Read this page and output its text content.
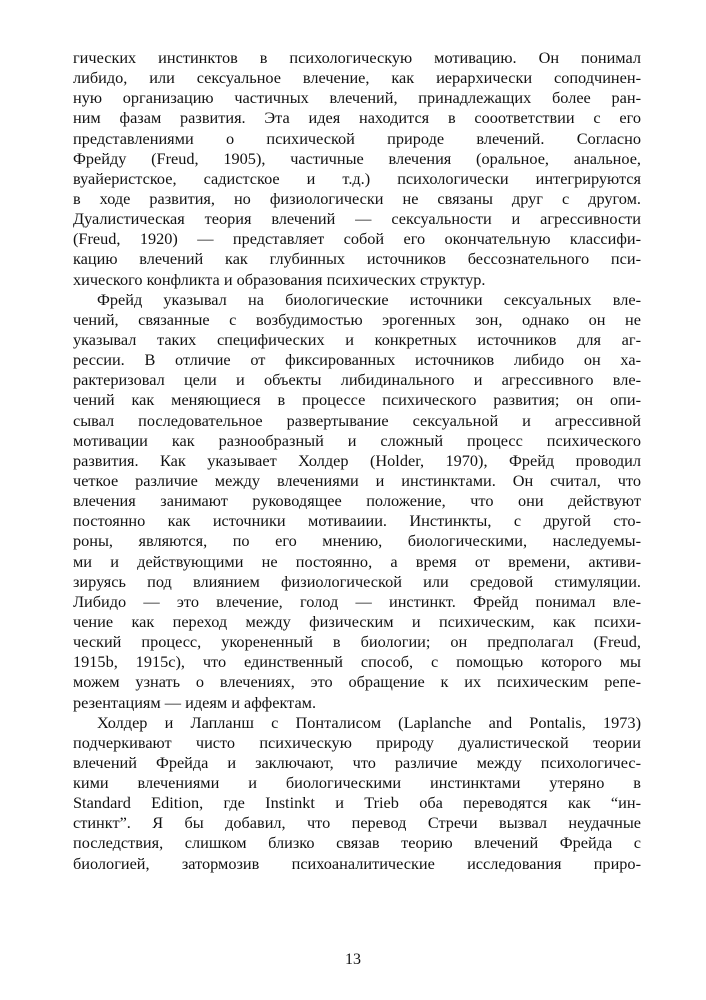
гических инстинктов в психологическую мотивацию. Он понимал
либидо, или сексуальное влечение, как иерархически соподчинен-
ную организацию частичных влечений, принадлежащих более ран-
ним фазам развития. Эта идея находится в сооответствии с его
представлениями о психической природе влечений. Согласно
Фрейду (Freud, 1905), частичные влечения (оральное, анальное,
вуайеристское, садистское и т.д.) психологически интегрируются
в ходе развития, но физиологически не связаны друг с другом.
Дуалистическая теория влечений — сексуальности и агрессивности
(Freud, 1920) — представляет собой его окончательную классифи-
кацию влечений как глубинных источников бессознательного пси-
хического конфликта и образования психических структур.
Фрейд указывал на биологические источники сексуальных вле-
чений, связанные с возбудимостью эрогенных зон, однако он не
указывал таких специфических и конкретных источников для аг-
рессии. В отличие от фиксированных источников либидо он ха-
рактеризовал цели и объекты либидинального и агрессивного вле-
чений как меняющиеся в процессе психического развития; он опи-
сывал последовательное развертывание сексуальной и агрессивной
мотивации как разнообразный и сложный процесс психического
развития. Как указывает Холдер (Holder, 1970), Фрейд проводил
четкое различие между влечениями и инстинктами. Он считал, что
влечения занимают руководящее положение, что они действуют
постоянно как источники мотиваиии. Инстинкты, с другой сто-
роны, являются, по его мнению, биологическими, наследуемы-
ми и действующими не постоянно, а время от времени, активи-
зируясь под влиянием физиологической или средовой стимуляции.
Либидо — это влечение, голод — инстинкт. Фрейд понимал вле-
чение как переход между физическим и психическим, как психи-
ческий процесс, укорененный в биологии; он предполагал (Freud,
1915b, 1915c), что единственный способ, с помощью которого мы
можем узнать о влечениях, это обращение к их психическим репе-
резентациям — идеям и аффектам.
Холдер и Лапланш с Понталисом (Laplanche and Pontalis, 1973)
подчеркивают чисто психическую природу дуалистической теории
влечений Фрейда и заключают, что различие между психологичес-
кими влечениями и биологическими инстинктами утеряно в
Standard Edition, где Instinkt и Trieb оба переводятся как “ин-
стинкт”. Я бы добавил, что перевод Стречи вызвал неудачные
последствия, слишком близко связав теорию влечений Фрейда с
биологией, затормозив психоаналитические исследования приро-
13
